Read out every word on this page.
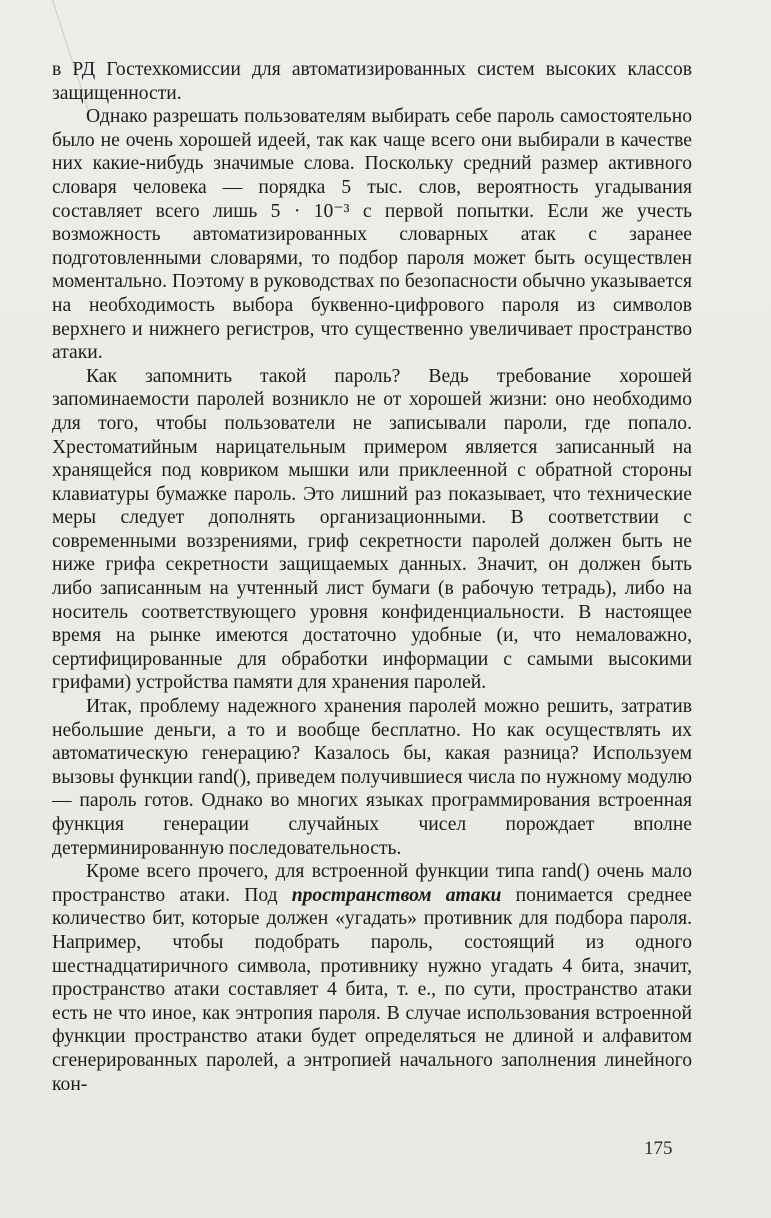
в РД Гостехкомиссии для автоматизированных систем высоких классов защищенности.

Однако разрешать пользователям выбирать себе пароль самостоятельно было не очень хорошей идеей, так как чаще всего они выбирали в качестве них какие-нибудь значимые слова. Поскольку средний размер активного словаря человека — порядка 5 тыс. слов, вероятность угадывания составляет всего лишь 5 · 10⁻³ с первой попытки. Если же учесть возможность автоматизированных словарных атак с заранее подготовленными словарями, то подбор пароля может быть осуществлен моментально. Поэтому в руководствах по безопасности обычно указывается на необходимость выбора буквенно-цифрового пароля из символов верхнего и нижнего регистров, что существенно увеличивает пространство атаки.

Как запомнить такой пароль? Ведь требование хорошей запоминаемости паролей возникло не от хорошей жизни: оно необходимо для того, чтобы пользователи не записывали пароли, где попало. Хрестоматийным нарицательным примером является записанный на хранящейся под ковриком мышки или приклеенной с обратной стороны клавиатуры бумажке пароль. Это лишний раз показывает, что технические меры следует дополнять организационными. В соответствии с современными воззрениями, гриф секретности паролей должен быть не ниже грифа секретности защищаемых данных. Значит, он должен быть либо записанным на учтенный лист бумаги (в рабочую тетрадь), либо на носитель соответствующего уровня конфиденциальности. В настоящее время на рынке имеются достаточно удобные (и, что немаловажно, сертифицированные для обработки информации с самыми высокими грифами) устройства памяти для хранения паролей.

Итак, проблему надежного хранения паролей можно решить, затратив небольшие деньги, а то и вообще бесплатно. Но как осуществлять их автоматическую генерацию? Казалось бы, какая разница? Используем вызовы функции rand(), приведем получившиеся числа по нужному модулю — пароль готов. Однако во многих языках программирования встроенная функция генерации случайных чисел порождает вполне детерминированную последовательность.

Кроме всего прочего, для встроенной функции типа rand() очень мало пространство атаки. Под пространством атаки понимается среднее количество бит, которые должен «угадать» противник для подбора пароля. Например, чтобы подобрать пароль, состоящий из одного шестнадцатиричного символа, противнику нужно угадать 4 бита, значит, пространство атаки составляет 4 бита, т. е., по сути, пространство атаки есть не что иное, как энтропия пароля. В случае использования встроенной функции пространство атаки будет определяться не длиной и алфавитом сгенерированных паролей, а энтропией начального заполнения линейного кон-

175
